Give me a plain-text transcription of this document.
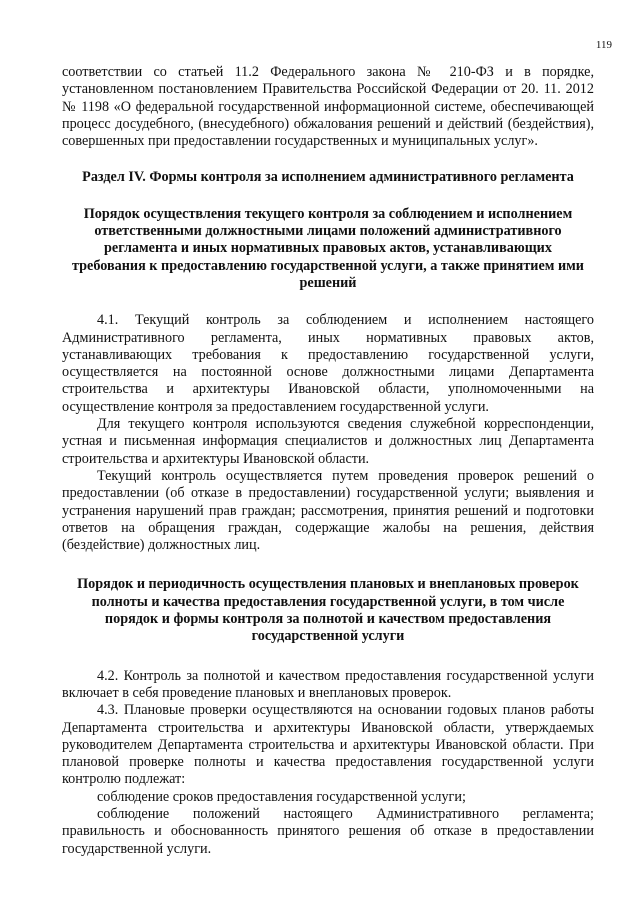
119

соответствии со статьей 11.2 Федерального закона № 210-ФЗ и в порядке, установленном постановлением Правительства Российской Федерации от 20. 11. 2012 № 1198 «О федеральной государственной информационной системе, обеспечивающей процесс досудебного, (внесудебного) обжалования решений и действий (бездействия), совершенных при предоставлении государственных и муниципальных услуг».

Раздел IV. Формы контроля за исполнением административного регламента

Порядок осуществления текущего контроля за соблюдением и исполнением ответственными должностными лицами положений административного регламента и иных нормативных правовых актов, устанавливающих требования к предоставлению государственной услуги, а также принятием ими решений

4.1. Текущий контроль за соблюдением и исполнением настоящего Административного регламента, иных нормативных правовых актов, устанавливающих требования к предоставлению государственной услуги, осуществляется на постоянной основе должностными лицами Департамента строительства и архитектуры Ивановской области, уполномоченными на осуществление контроля за предоставлением государственной услуги.

Для текущего контроля используются сведения служебной корреспонденции, устная и письменная информация специалистов и должностных лиц Департамента строительства и архитектуры Ивановской области.

Текущий контроль осуществляется путем проведения проверок решений о предоставлении (об отказе в предоставлении) государственной услуги; выявления и устранения нарушений прав граждан; рассмотрения, принятия решений и подготовки ответов на обращения граждан, содержащие жалобы на решения, действия (бездействие) должностных лиц.

Порядок и периодичность осуществления плановых и внеплановых проверок полноты и качества предоставления государственной услуги, в том числе порядок и формы контроля за полнотой и качеством предоставления государственной услуги

4.2. Контроль за полнотой и качеством предоставления государственной услуги включает в себя проведение плановых и внеплановых проверок.

4.3. Плановые проверки осуществляются на основании годовых планов работы Департамента строительства и архитектуры Ивановской области, утверждаемых руководителем Департамента строительства и архитектуры Ивановской области. При плановой проверке полноты и качества предоставления государственной услуги контролю подлежат:

соблюдение сроков предоставления государственной услуги;

соблюдение положений настоящего Административного регламента; правильность и обоснованность принятого решения об отказе в предоставлении государственной услуги.
